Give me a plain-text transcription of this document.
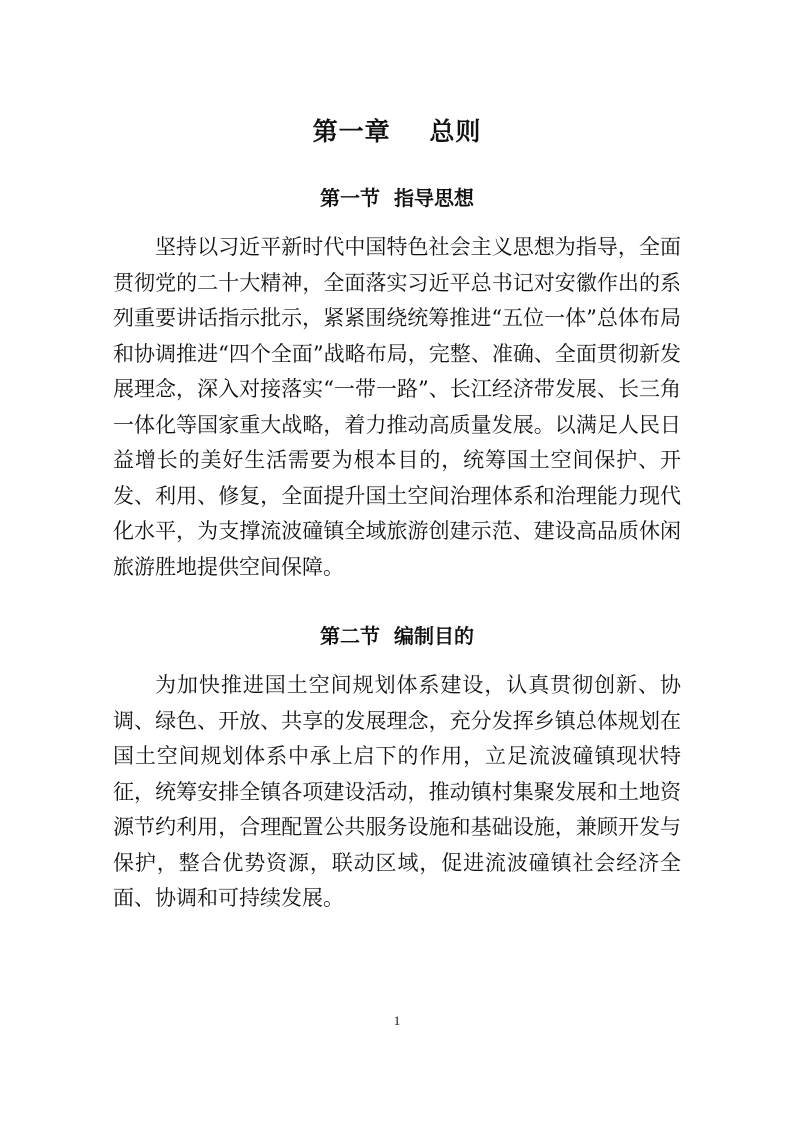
第一章    总则
第一节  指导思想

坚持以习近平新时代中国特色社会主义思想为指导，全面贯彻党的二十大精神，全面落实习近平总书记对安徽作出的系列重要讲话指示批示，紧紧围绕统筹推进“五位一体”总体布局和协调推进“四个全面”战略布局，完整、准确、全面贯彻新发展理念，深入对接落实“一带一路”、长江经济带发展、长三角一体化等国家重大战略，着力推动高质量发展。以满足人民日益增长的美好生活需要为根本目的，统筹国土空间保护、开发、利用、修复，全面提升国土空间治理体系和治理能力现代化水平，为支撑流波䃥镇全域旅游创建示范、建设高品质休闲旅游胜地提供空间保障。

第二节  编制目的

为加快推进国土空间规划体系建设，认真贯彻创新、协调、绿色、开放、共享的发展理念，充分发挥乡镇总体规划在国土空间规划体系中承上启下的作用，立足流波䃥镇现状特征，统筹安排全镇各项建设活动，推动镇村集聚发展和土地资源节约利用，合理配置公共服务设施和基础设施，兼顾开发与保护，整合优势资源，联动区域，促进流波䃥镇社会经济全面、协调和可持续发展。

1
